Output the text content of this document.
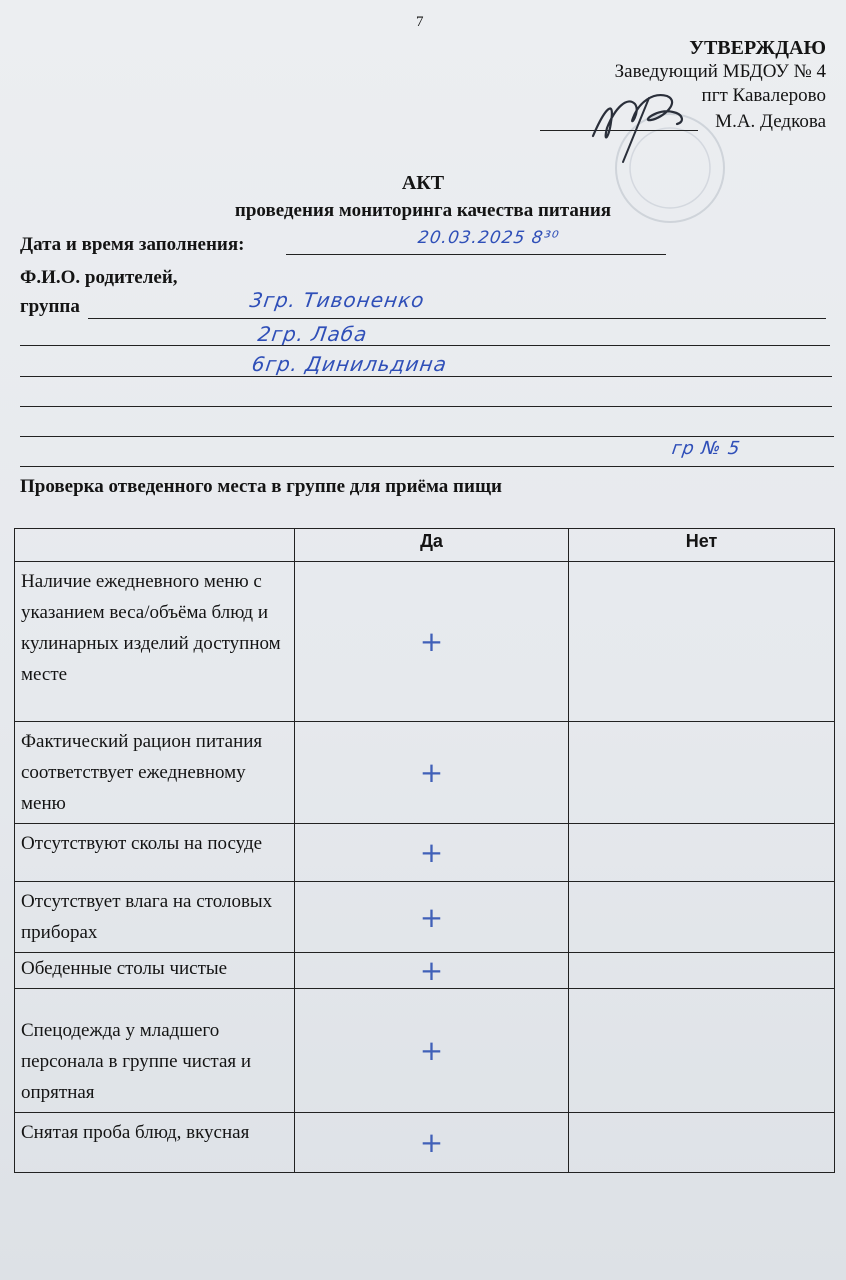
7
УТВЕРЖДАЮ
Заведующий МБДОУ № 4
пгт Кавалерово
М.А. Дедкова
АКТ
проведения мониторинга качества питания
Дата и время заполнения:	20.03.2025 8³⁰
Ф.И.О. родителей,
группа	3гр. Тивоненко
2гр. Лаба
6гр. Динильдина
гр № 5
Проверка отведенного места в группе для приёма пищи
	Да	Нет
Наличие ежедневного меню с указанием веса/объёма блюд и кулинарных изделий доступном месте	+	
Фактический рацион питания соответствует ежедневному меню	+	
Отсутствуют сколы на посуде	+	
Отсутствует влага на столовых приборах	+	
Обеденные столы чистые	+	
Спецодежда у младшего персонала в группе чистая и опрятная	+	
Снятая проба блюд, вкусная	+	
